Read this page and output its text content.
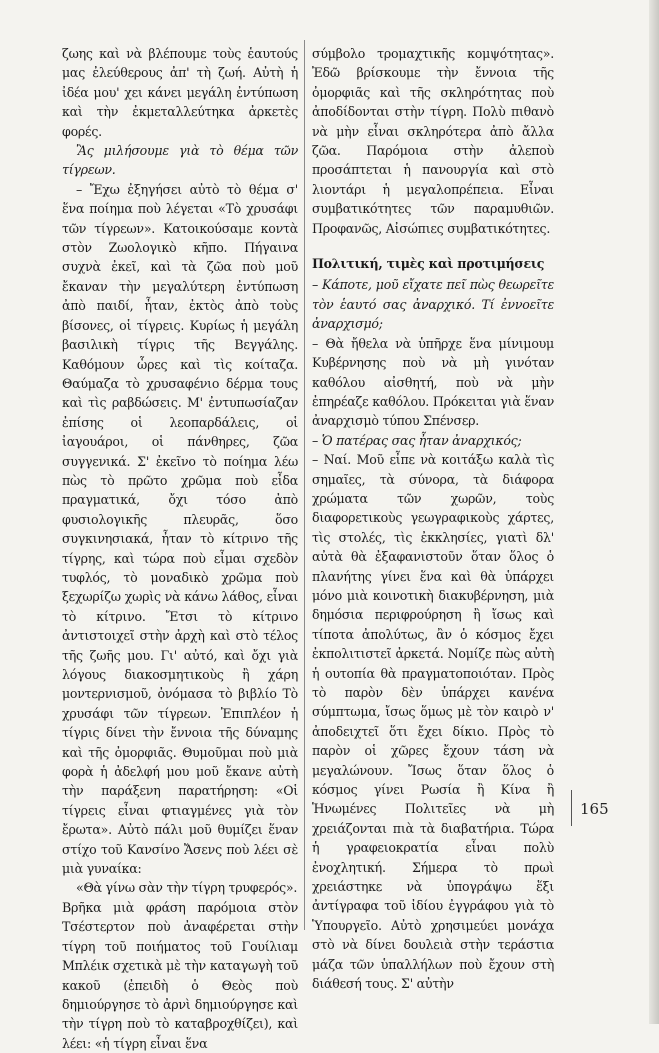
ζωης καὶ νὰ βλέπουμε τοὺς ἑαυτούς μας ἐλεύθερους ἀπ' τὴ ζωή. Αὐτὴ ἡ ἰδέα μου' χει κάνει μεγάλη ἐντύπωση καὶ τὴν ἐκμεταλλεύτηκα ἀρκετὲς φορές.

Ἂς μιλήσουμε γιὰ τὸ θέμα τῶν τίγρεων.

– Ἔχω ἐξηγήσει αὐτὸ τὸ θέμα σ' ἕνα ποίημα ποὺ λέγεται «Τὸ χρυσάφι τῶν τίγρεων». Κατοικούσαμε κοντὰ στὸν Ζωολογικὸ κῆπο. Πήγαινα συχνὰ ἐκεῖ, καὶ τὰ ζῶα ποὺ μοῦ ἔκαναν τὴν μεγαλύτερη ἐντύπωση ἀπὸ παιδί, ἦταν, ἐκτὸς ἀπὸ τοὺς βίσονες, οἱ τίγρεις. Κυρίως ἡ μεγάλη βασιλικὴ τίγρις τῆς Βεγγάλης. Καθόμουν ὧρες καὶ τὶς κοίταζα. Θαύμαζα τὸ χρυσαφένιο δέρμα τους καὶ τὶς ραβδώσεις. Μ' ἐντυπωσίαζαν ἐπίσης οἱ λεοπαρδάλεις, οἱ ἰαγουάροι, οἱ πάνθηρες, ζῶα συγγενικά. Σ' ἐκεῖνο τὸ ποίημα λέω πὼς τὸ πρῶτο χρῶμα ποὺ εἶδα πραγματικά, ὄχι τόσο ἀπὸ φυσιολογικῆς πλευρᾶς, ὅσο συγκινησιακά, ἦταν τὸ κίτρινο τῆς τίγρης, καὶ τώρα ποὺ εἶμαι σχεδὸν τυφλός, τὸ μοναδικὸ χρῶμα ποὺ ξεχωρίζω χωρὶς νὰ κάνω λάθος, εἶναι τὸ κίτρινο. Ἔτσι τὸ κίτρινο ἀντιστοιχεῖ στὴν ἀρχὴ καὶ στὸ τέλος τῆς ζωῆς μου. Γι' αὐτό, καὶ ὄχι γιὰ λόγους διακοσμητικοὺς ἢ χάρη μοντερνισμοῦ, ὀνόμασα τὸ βιβλίο Τὸ χρυσάφι τῶν τίγρεων. Ἐπιπλέον ἡ τίγρις δίνει τὴν ἔννοια τῆς δύναμης καὶ τῆς ὀμορφιᾶς. Θυμοῦμαι ποὺ μιὰ φορὰ ἡ ἀδελφή μου μοῦ ἔκανε αὐτὴ τὴν παράξενη παρατήρηση: «Οἱ τίγρεις εἶναι φτιαγμένες γιὰ τὸν ἔρωτα». Αὐτὸ πάλι μοῦ θυμίζει ἕναν στίχο τοῦ Κανσίνο Ἄσενς ποὺ λέει σὲ μιὰ γυναίκα:

«Θὰ γίνω σὰν τὴν τίγρη τρυφερός».

Βρῆκα μιὰ φράση παρόμοια στὸν Τσέστερτον ποὺ ἀναφέρεται στὴν τίγρη τοῦ ποιήματος τοῦ Γουίλιαμ Μπλέικ σχετικὰ μὲ τὴν καταγωγὴ τοῦ κακοῦ (ἐπειδὴ ὁ Θεὸς ποὺ δημιούργησε τὸ ἀρνὶ δημιούργησε καὶ τὴν τίγρη ποὺ τὸ καταβροχθίζει), καὶ λέει: «ἡ τίγρη εἶναι ἕνα

σύμβολο τρομαχτικῆς κομψότητας». Ἐδῶ βρίσκουμε τὴν ἔννοια τῆς ὀμορφιᾶς καὶ τῆς σκληρότητας ποὺ ἀποδίδονται στὴν τίγρη. Πολὺ πιθανὸ νὰ μὴν εἶναι σκληρότερα ἀπὸ ἄλλα ζῶα. Παρόμοια στὴν ἀλεποὺ προσάπτεται ἡ πανουργία καὶ στὸ λιοντάρι ἡ μεγαλοπρέπεια. Εἶναι συμβατικότητες τῶν παραμυθιῶν. Προφανῶς, Αἰσώπιες συμβατικότητες.

Πολιτική, τιμὲς καὶ προτιμήσεις

– Κάποτε, μοῦ εἴχατε πεῖ πὼς θεωρεῖτε τὸν ἑαυτό σας ἀναρχικό. Τί ἐννοεῖτε ἀναρχισμό;

– Θὰ ἤθελα νὰ ὑπῆρχε ἕνα μίνιμουμ Κυβέρνησης ποὺ νὰ μὴ γινόταν καθόλου αἰσθητή, ποὺ νὰ μὴν ἐπηρέαζε καθόλου. Πρόκειται γιὰ ἕναν ἀναρχισμὸ τύπου Σπένσερ.

– Ὁ πατέρας σας ἦταν ἀναρχικός;

– Ναί. Μοῦ εἶπε νὰ κοιτάξω καλὰ τὶς σημαῖες, τὰ σύνορα, τὰ διάφορα χρώματα τῶν χωρῶν, τοὺς διαφορετικοὺς γεωγραφικοὺς χάρτες, τὶς στολές, τὶς ἐκκλησίες, γιατὶ δλ' αὐτὰ θὰ ἐξαφανιστοῦν ὅταν ὅλος ὁ πλανήτης γίνει ἕνα καὶ θὰ ὑπάρχει μόνο μιὰ κοινοτικὴ διακυβέρνηση, μιὰ δημόσια περιφρούρηση ἢ ἴσως καὶ τίποτα ἀπολύτως, ἂν ὁ κόσμος ἔχει ἐκπολιτιστεῖ ἀρκετά. Νομίζε πὼς αὐτὴ ἡ ουτοπία θὰ πραγματοποιόταν. Πρὸς τὸ παρὸν δὲν ὑπάρχει κανένα σύμπτωμα, ἴσως ὅμως μὲ τὸν καιρὸ ν' ἀποδειχτεῖ ὅτι ἔχει δίκιο. Πρὸς τὸ παρὸν οἱ χῶρες ἔχουν τάση νὰ μεγαλώνουν. Ἴσως ὅταν ὅλος ὁ κόσμος γίνει Ρωσία ἢ Κίνα ἢ Ἡνωμένες Πολιτεῖες νὰ μὴ χρειάζονται πιὰ τὰ διαβατήρια. Τώρα ἡ γραφειοκρατία εἶναι πολὺ ἐνοχλητική. Σήμερα τὸ πρωὶ χρειάστηκε νὰ ὑπογράψω ἕξι ἀντίγραφα τοῦ ἰδίου ἐγγράφου γιὰ τὸ Ὑπουργεῖο. Αὐτὸ χρησιμεύει μονάχα στὸ νὰ δίνει δουλειὰ στὴν τεράστια μάζα τῶν ὑπαλλήλων ποὺ ἔχουν στὴ διάθεσή τους. Σ' αὐτὴν

165
